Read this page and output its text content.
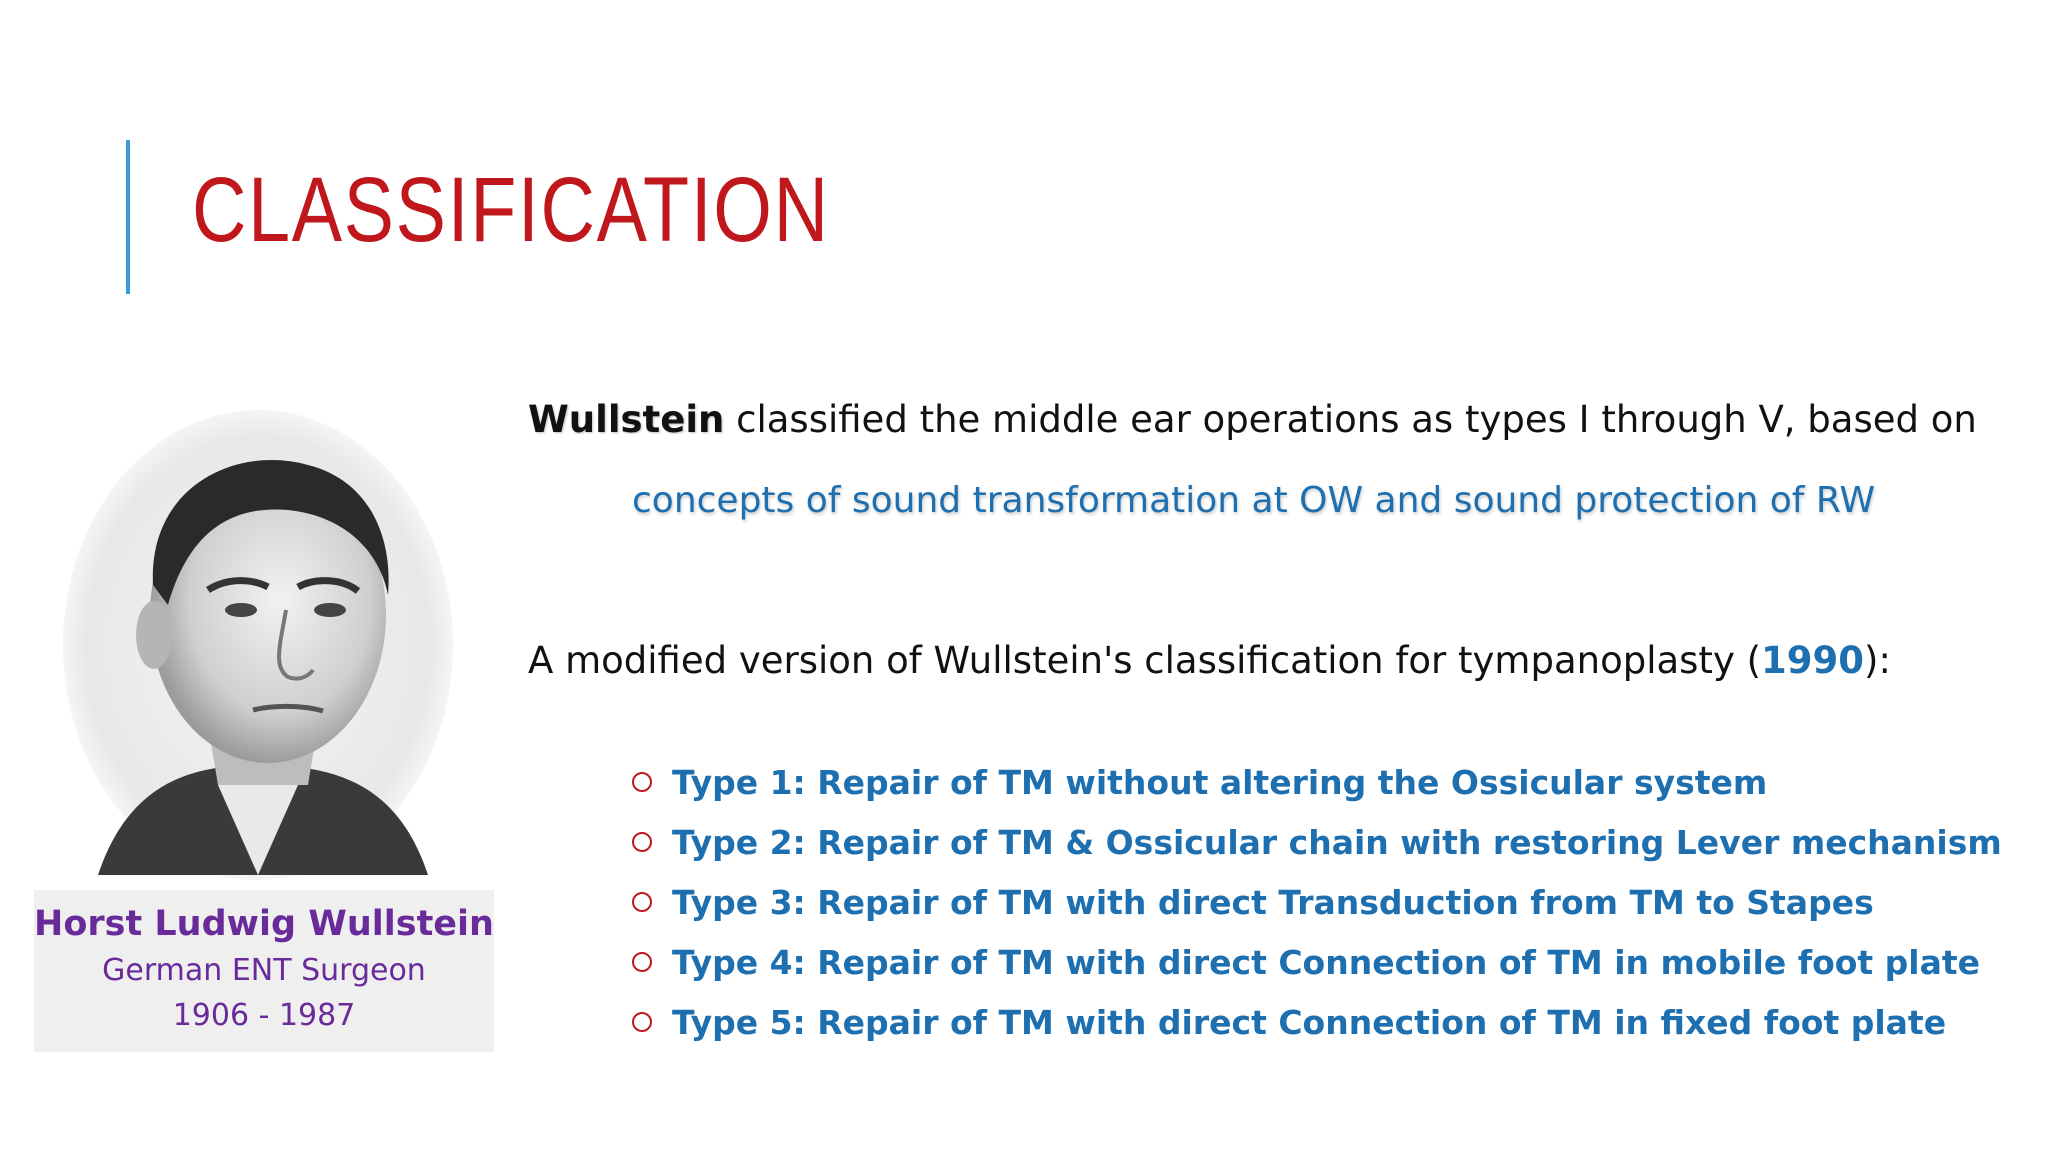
CLASSIFICATION
Horst Ludwig Wullstein
German ENT Surgeon
1906 - 1987

Wullstein classified the middle ear operations as types I through V, based on

concepts of sound transformation at OW and sound protection of RW

A modified version of Wullstein's classification for tympanoplasty (1990):

Type 1: Repair of TM without altering the Ossicular system
Type 2: Repair of TM & Ossicular chain with restoring Lever mechanism
Type 3: Repair of TM with direct Transduction from TM to Stapes
Type 4: Repair of TM with direct Connection of TM in mobile foot plate
Type 5: Repair of TM with direct Connection of TM in fixed foot plate
